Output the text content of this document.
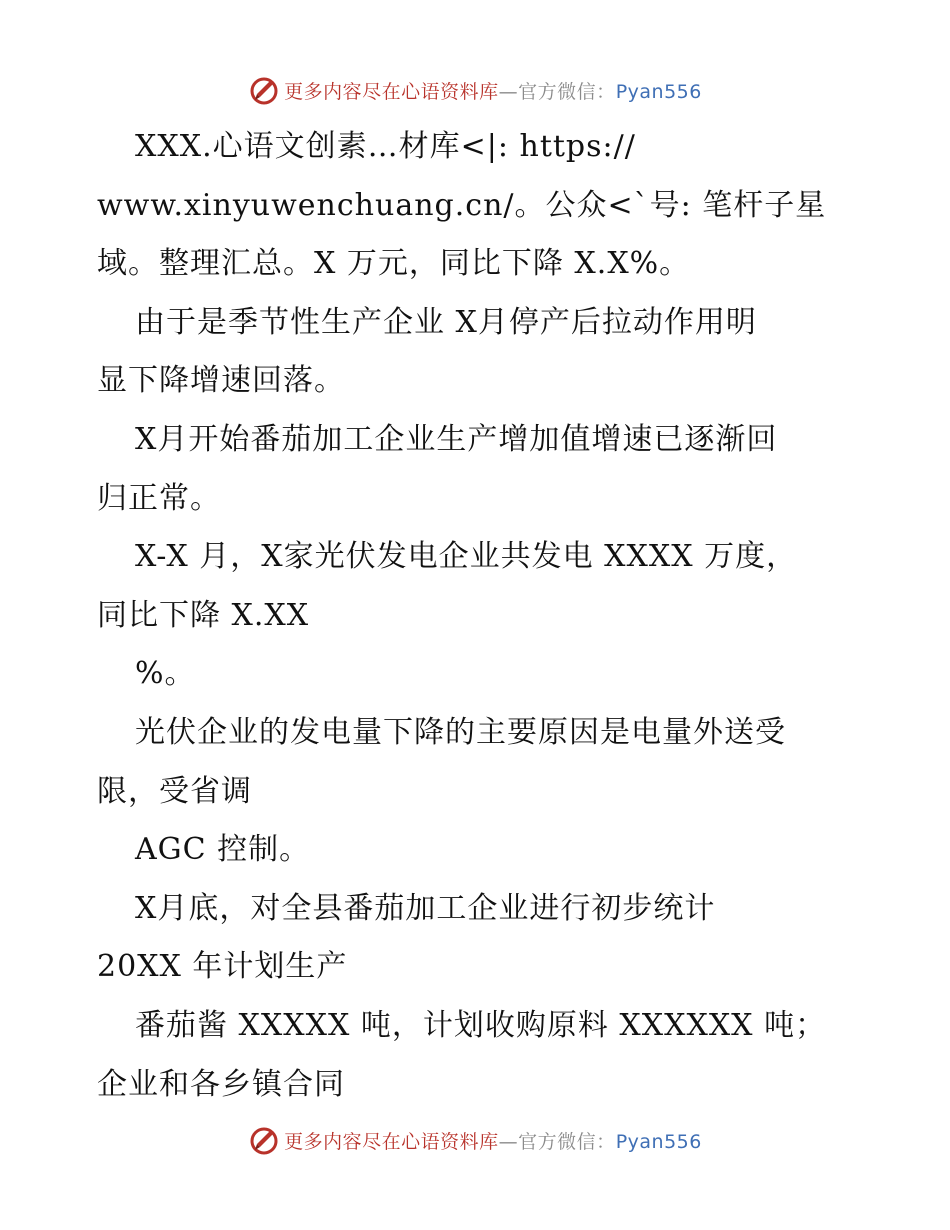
更多内容尽在心语资料库—官方微信：Pyan556
XXX.心语文创素…材库<|: https://
www.xinyuwenchuang.cn/。公众<`号: 笔杆子星
域。整理汇总。X 万元，同比下降 X.X%。
由于是季节性生产企业 X月停产后拉动作用明
显下降增速回落。
X月开始番茄加工企业生产增加值增速已逐渐回
归正常。
X-X 月，X家光伏发电企业共发电 XXXX 万度，
同比下降 X.XX
%。
光伏企业的发电量下降的主要原因是电量外送受
限，受省调
AGC 控制。
X月底，对全县番茄加工企业进行初步统计
20XX 年计划生产
番茄酱 XXXXX 吨，计划收购原料 XXXXXX 吨；
企业和各乡镇合同
更多内容尽在心语资料库—官方微信：Pyan556
